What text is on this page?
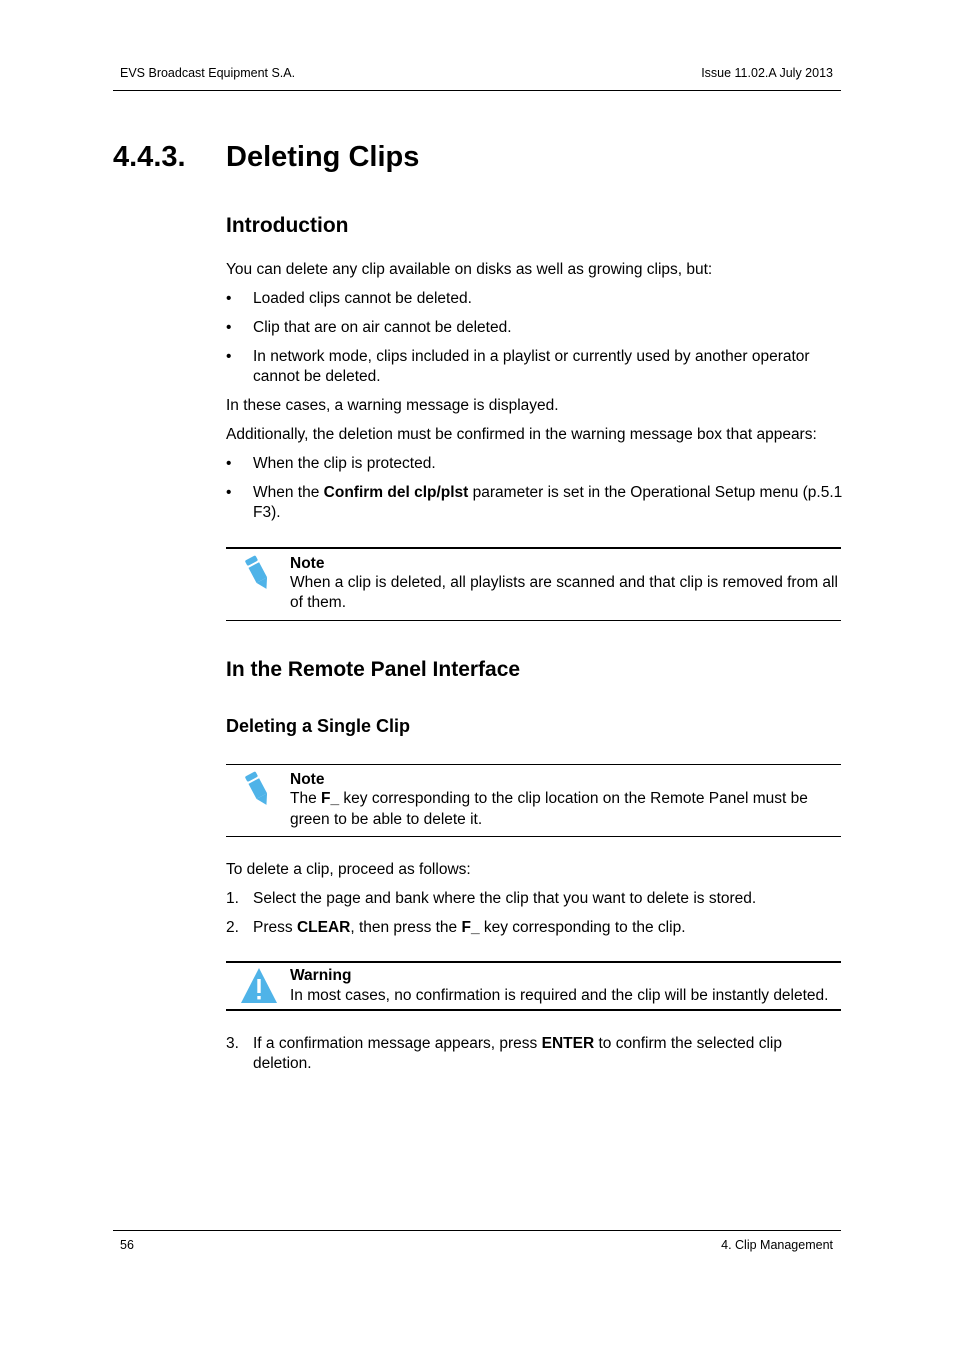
EVS Broadcast Equipment S.A.	Issue 11.02.A July 2013
4.4.3. Deleting Clips
Introduction
You can delete any clip available on disks as well as growing clips, but:
• Loaded clips cannot be deleted.
• Clip that are on air cannot be deleted.
• In network mode, clips included in a playlist or currently used by another operator
cannot be deleted.
In these cases, a warning message is displayed.
Additionally, the deletion must be confirmed in the warning message box that appears:
• When the clip is protected.
• When the Confirm del clp/plst parameter is set in the Operational Setup menu (p.5.1
F3).
Note
When a clip is deleted, all playlists are scanned and that clip is removed from all
of them.
In the Remote Panel Interface
Deleting a Single Clip
Note
The F_ key corresponding to the clip location on the Remote Panel must be
green to be able to delete it.
To delete a clip, proceed as follows:
1. Select the page and bank where the clip that you want to delete is stored.
2. Press CLEAR, then press the F_ key corresponding to the clip.
Warning
In most cases, no confirmation is required and the clip will be instantly deleted.
3. If a confirmation message appears, press ENTER to confirm the selected clip
deletion.
56	4. Clip Management
